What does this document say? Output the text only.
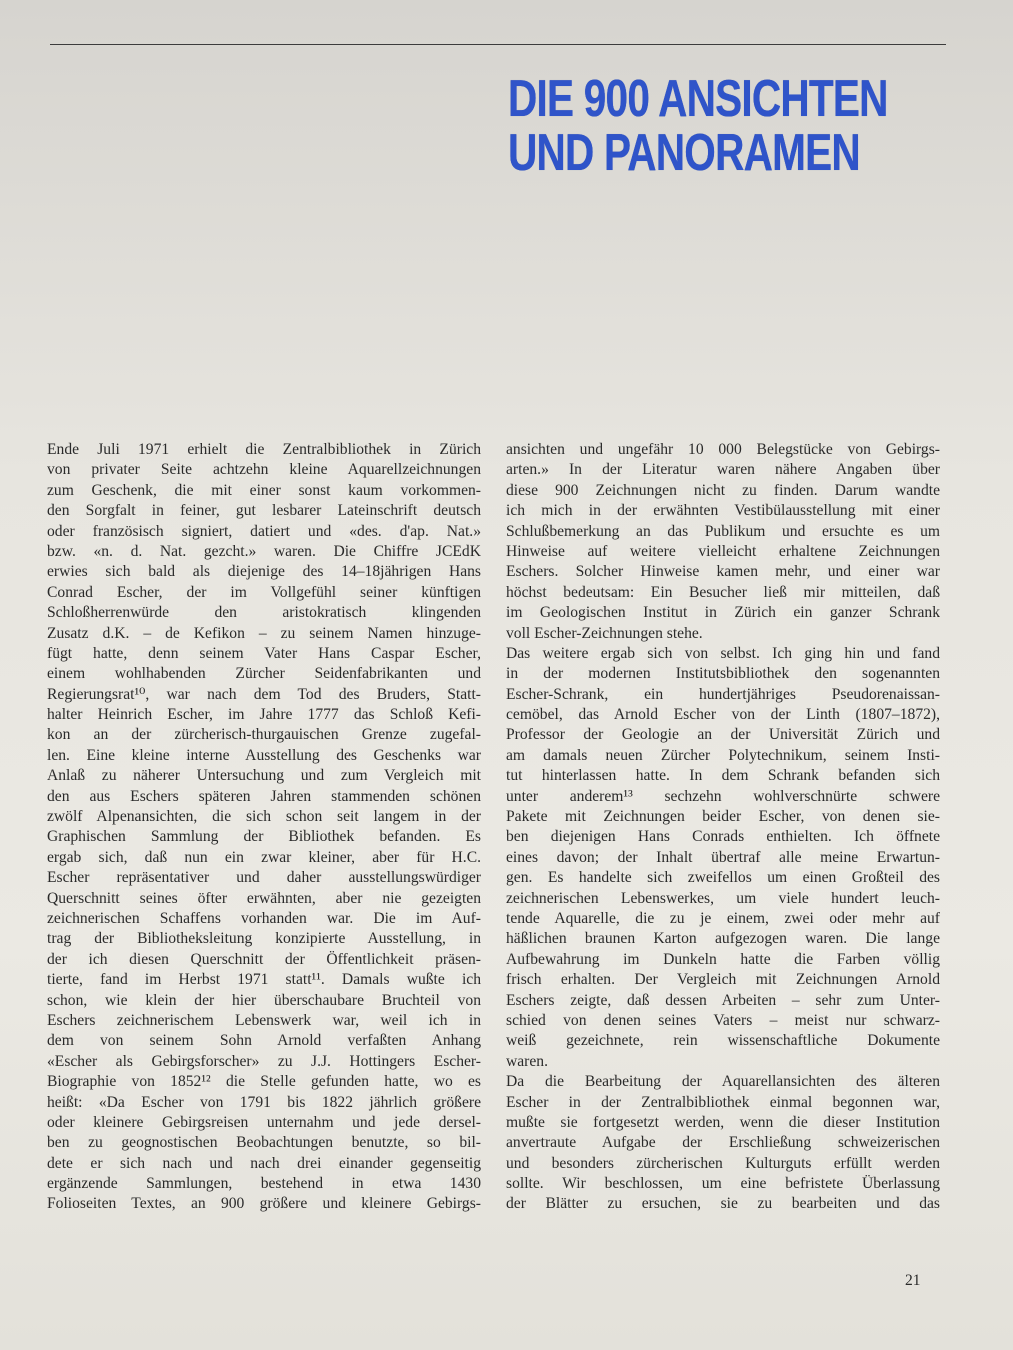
DIE 900 ANSICHTEN
UND PANORAMEN
Ende Juli 1971 erhielt die Zentralbibliothek in Zürich
von privater Seite achtzehn kleine Aquarellzeichnungen
zum Geschenk, die mit einer sonst kaum vorkommen-
den Sorgfalt in feiner, gut lesbarer Lateinschrift deutsch
oder französisch signiert, datiert und «des. d'ap. Nat.»
bzw. «n. d. Nat. gezcht.» waren. Die Chiffre JCEdK
erwies sich bald als diejenige des 14–18jährigen Hans
Conrad Escher, der im Vollgefühl seiner künftigen
Schloßherrenwürde den aristokratisch klingenden
Zusatz d.K. – de Kefikon – zu seinem Namen hinzuge-
fügt hatte, denn seinem Vater Hans Caspar Escher,
einem wohlhabenden Zürcher Seidenfabrikanten und
Regierungsrat¹⁰, war nach dem Tod des Bruders, Statt-
halter Heinrich Escher, im Jahre 1777 das Schloß Kefi-
kon an der zürcherisch-thurgauischen Grenze zugefal-
len. Eine kleine interne Ausstellung des Geschenks war
Anlaß zu näherer Untersuchung und zum Vergleich mit
den aus Eschers späteren Jahren stammenden schönen
zwölf Alpenansichten, die sich schon seit langem in der
Graphischen Sammlung der Bibliothek befanden. Es
ergab sich, daß nun ein zwar kleiner, aber für H.C.
Escher repräsentativer und daher ausstellungswürdiger
Querschnitt seines öfter erwähnten, aber nie gezeigten
zeichnerischen Schaffens vorhanden war. Die im Auf-
trag der Bibliotheksleitung konzipierte Ausstellung, in
der ich diesen Querschnitt der Öffentlichkeit präsen-
tierte, fand im Herbst 1971 statt¹¹. Damals wußte ich
schon, wie klein der hier überschaubare Bruchteil von
Eschers zeichnerischem Lebenswerk war, weil ich in
dem von seinem Sohn Arnold verfaßten Anhang
«Escher als Gebirgsforscher» zu J.J. Hottingers Escher-
Biographie von 1852¹² die Stelle gefunden hatte, wo es
heißt: «Da Escher von 1791 bis 1822 jährlich größere
oder kleinere Gebirgsreisen unternahm und jede dersel-
ben zu geognostischen Beobachtungen benutzte, so bil-
dete er sich nach und nach drei einander gegenseitig
ergänzende Sammlungen, bestehend in etwa 1430
Folioseiten Textes, an 900 größere und kleinere Gebirgs-
ansichten und ungefähr 10 000 Belegstücke von Gebirgs-
arten.» In der Literatur waren nähere Angaben über
diese 900 Zeichnungen nicht zu finden. Darum wandte
ich mich in der erwähnten Vestibülausstellung mit einer
Schlußbemerkung an das Publikum und ersuchte es um
Hinweise auf weitere vielleicht erhaltene Zeichnungen
Eschers. Solcher Hinweise kamen mehr, und einer war
höchst bedeutsam: Ein Besucher ließ mir mitteilen, daß
im Geologischen Institut in Zürich ein ganzer Schrank
voll Escher-Zeichnungen stehe.
Das weitere ergab sich von selbst. Ich ging hin und fand
in der modernen Institutsbibliothek den sogenannten
Escher-Schrank, ein hundertjähriges Pseudorenaissan-
cemöbel, das Arnold Escher von der Linth (1807–1872),
Professor der Geologie an der Universität Zürich und
am damals neuen Zürcher Polytechnikum, seinem Insti-
tut hinterlassen hatte. In dem Schrank befanden sich
unter anderem¹³ sechzehn wohlverschnürte schwere
Pakete mit Zeichnungen beider Escher, von denen sie-
ben diejenigen Hans Conrads enthielten. Ich öffnete
eines davon; der Inhalt übertraf alle meine Erwartun-
gen. Es handelte sich zweifellos um einen Großteil des
zeichnerischen Lebenswerkes, um viele hundert leuch-
tende Aquarelle, die zu je einem, zwei oder mehr auf
häßlichen braunen Karton aufgezogen waren. Die lange
Aufbewahrung im Dunkeln hatte die Farben völlig
frisch erhalten. Der Vergleich mit Zeichnungen Arnold
Eschers zeigte, daß dessen Arbeiten – sehr zum Unter-
schied von denen seines Vaters – meist nur schwarz-
weiß gezeichnete, rein wissenschaftliche Dokumente
waren.
Da die Bearbeitung der Aquarellansichten des älteren
Escher in der Zentralbibliothek einmal begonnen war,
mußte sie fortgesetzt werden, wenn die dieser Institution
anvertraute Aufgabe der Erschließung schweizerischen
und besonders zürcherischen Kulturguts erfüllt werden
sollte. Wir beschlossen, um eine befristete Überlassung
der Blätter zu ersuchen, sie zu bearbeiten und das
21
